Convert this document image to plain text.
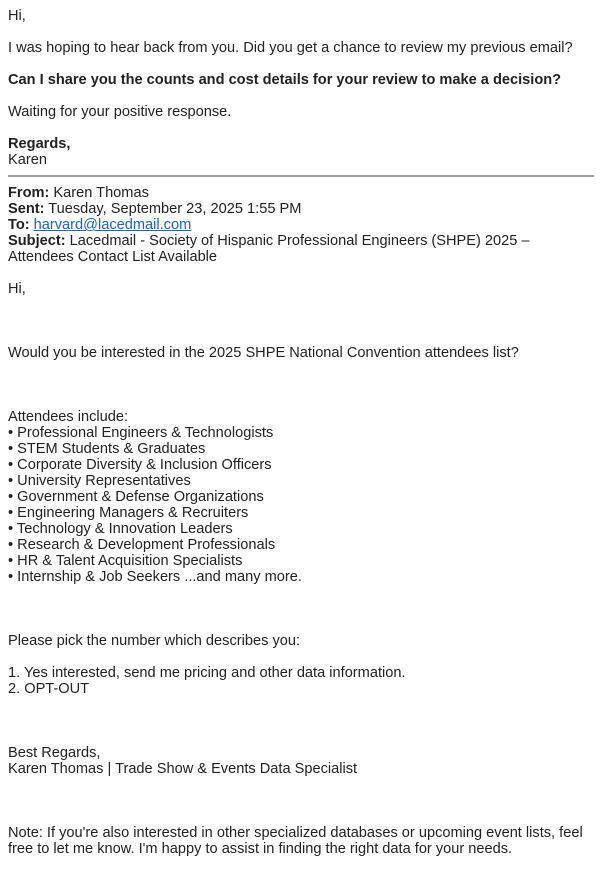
Hi,

I was hoping to hear back from you. Did you get a chance to review my previous email?

Can I share you the counts and cost details for your review to make a decision?

Waiting for your positive response.

Regards,

Karen

From: Karen Thomas

Sent: Tuesday, September 23, 2025 1:55 PM

To: harvard@lacedmail.com

Subject: Lacedmail - Society of Hispanic Professional Engineers (SHPE) 2025 – Attendees Contact List Available

Hi,

Would you be interested in the 2025 SHPE National Convention attendees list?

Attendees include:

• Professional Engineers & Technologists

• STEM Students & Graduates

• Corporate Diversity & Inclusion Officers

• University Representatives

• Government & Defense Organizations

• Engineering Managers & Recruiters

• Technology & Innovation Leaders

• Research & Development Professionals

• HR & Talent Acquisition Specialists

• Internship & Job Seekers ...and many more.

Please pick the number which describes you:

1. Yes interested, send me pricing and other data information.

2. OPT-OUT

Best Regards,

Karen Thomas | Trade Show & Events Data Specialist

Note: If you're also interested in other specialized databases or upcoming event lists, feel free to let me know. I'm happy to assist in finding the right data for your needs.
